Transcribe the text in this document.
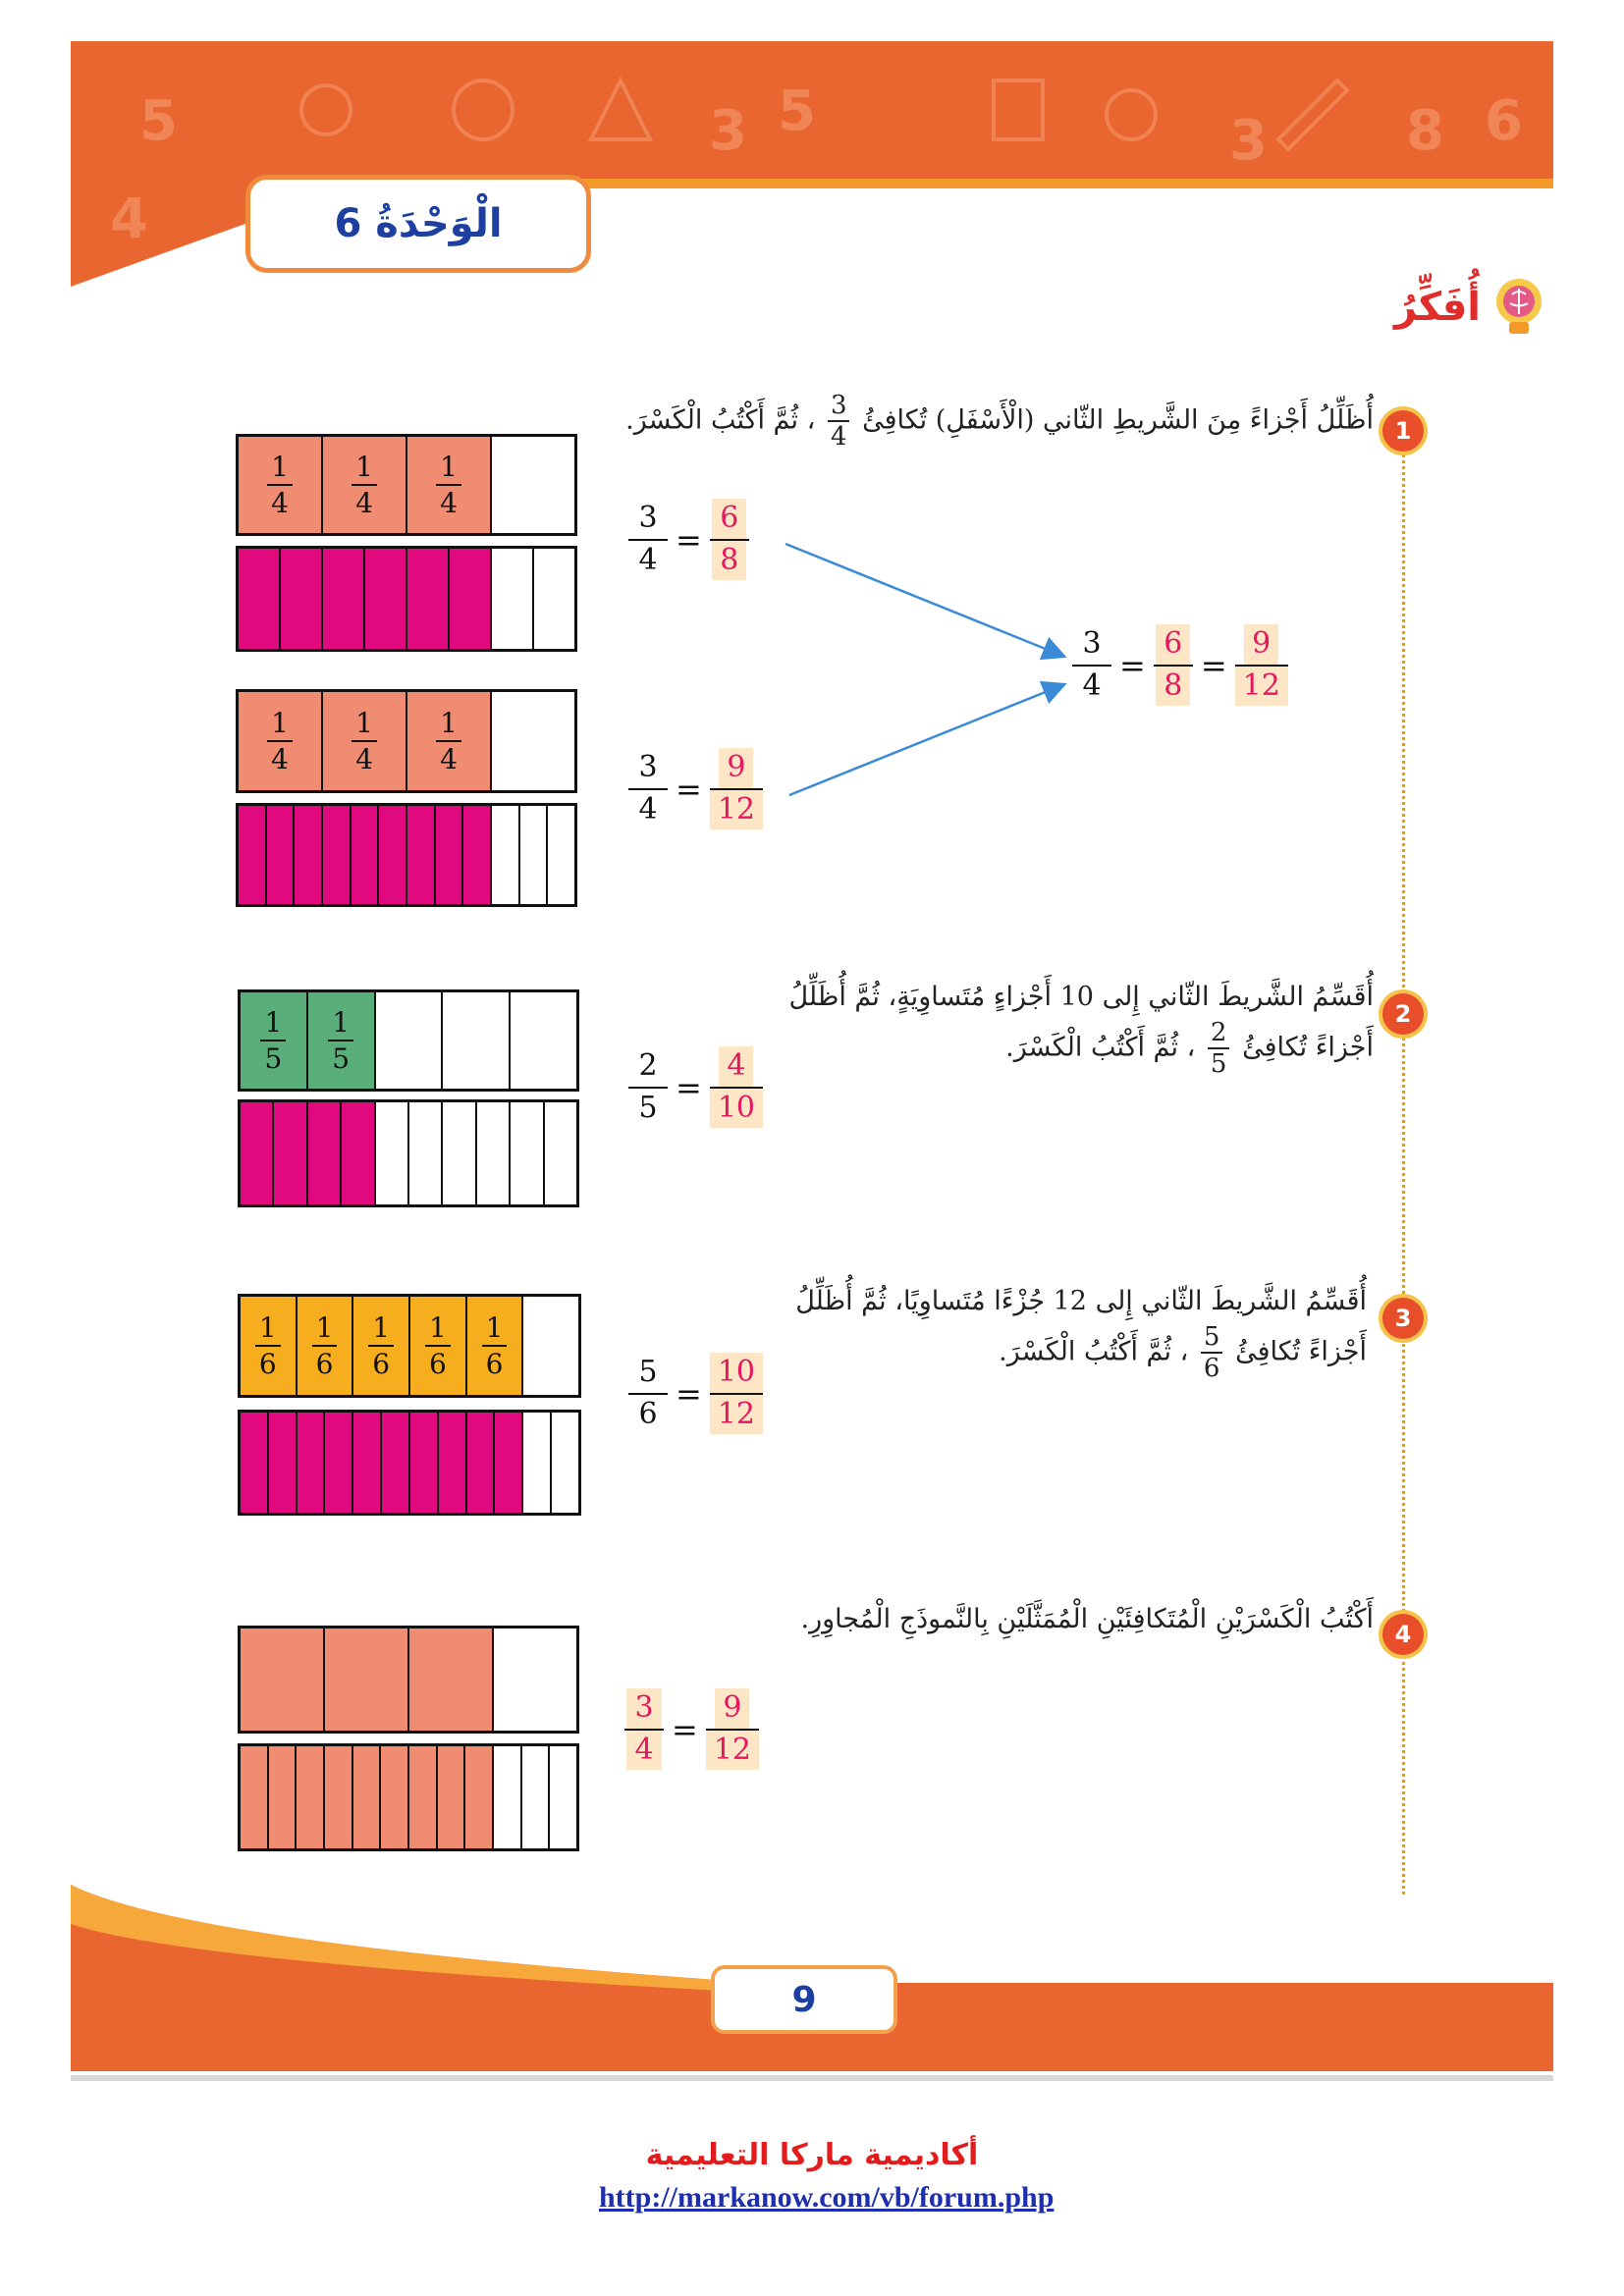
5	3 5	3	8 6
4	الْوَحْدَةُ 6
أُفَكِّرُ
1
أُظَلِّلُ أَجْزاءً مِنَ الشَّريطِ الثّاني (الْأَسْفَلِ) تُكافِئُ
$\frac{3}{4}$
، ثُمَّ أَكْتُبُ الْكَسْرَ.
$\frac{1}{4} \frac{1}{4} \frac{1}{4}$
$\frac{1}{4} \frac{1}{4} \frac{1}{4}$
$\frac{3}{4} = \frac{6}{8}$
$\frac{3}{4} = \frac{9}{12}$
$\frac{3}{4} = \frac{6}{8} = \frac{9}{12}$
2
أُقَسِّمُ الشَّريطَ الثّاني إِلى 10 أَجْزاءٍ مُتَساوِيَةٍ، ثُمَّ أُظَلِّلُ
أَجْزاءً تُكافِئُ
$\frac{2}{5}$
، ثُمَّ أَكْتُبُ الْكَسْرَ.
$\frac{1}{5} \frac{1}{5}$	$\frac{2}{5} = \frac{4}{10}$
3
أُقَسِّمُ الشَّريطَ الثّاني إِلى 12 جُزْءًا مُتَساوِيًا، ثُمَّ أُظَلِّلُ
أَجْزاءً تُكافِئُ
$\frac{5}{6}$
، ثُمَّ أَكْتُبُ الْكَسْرَ.
$\frac{1}{6} \frac{1}{6} \frac{1}{6} \frac{1}{6} \frac{1}{6}$	$\frac{5}{6} = \frac{10}{12}$
4
أَكْتُبُ الْكَسْرَيْنِ الْمُتَكافِئَيْنِ الْمُمَثَّلَيْنِ بِالنَّموذَجِ الْمُجاوِرِ.
$\frac{3}{4} = \frac{9}{12}$
9
أكاديمية ماركا التعليمية
http://markanow.com/vb/forum.php
